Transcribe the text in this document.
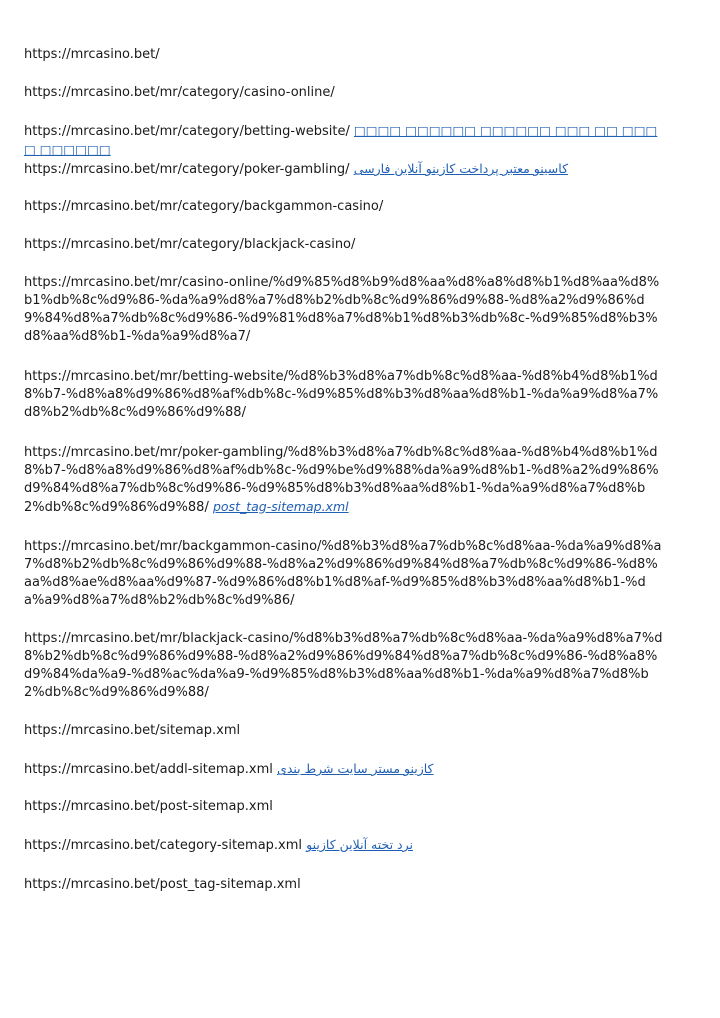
https://mrcasino.bet/
https://mrcasino.bet/mr/category/casino-online/
https://mrcasino.bet/mr/category/betting-website/ □□□□ □□□□□□ □□□□□□ □□□ □□ □□□□ □□□□□□
https://mrcasino.bet/mr/category/poker-gambling/ کاسینو معتبر پرداخت کازینو آنلاین فارسی
https://mrcasino.bet/mr/category/backgammon-casino/
https://mrcasino.bet/mr/category/blackjack-casino/
https://mrcasino.bet/mr/casino-online/%d9%85%d8%b9%d8%aa%d8%a8%d8%b1%d8%aa%d8%b1%db%8c%d9%86-%da%a9%d8%a7%d8%b2%db%8c%d9%86%d9%88-%d8%a2%d9%86%d9%84%d8%a7%db%8c%d9%86-%d9%81%d8%a7%d8%b1%d8%b3%db%8c-%d9%85%d8%b3%d8%aa%d8%b1-%da%a9%d8%a7/
https://mrcasino.bet/mr/betting-website/%d8%b3%d8%a7%db%8c%d8%aa-%d8%b4%d8%b1%d8%b7-%d8%a8%d9%86%d8%af%db%8c-%d9%85%d8%b3%d8%aa%d8%b1-%da%a9%d8%a7%d8%b2%db%8c%d9%86%d9%88/
https://mrcasino.bet/mr/poker-gambling/%d8%b3%d8%a7%db%8c%d8%aa-%d8%b4%d8%b1%d8%b7-%d8%a8%d9%86%d8%af%db%8c-%d9%be%d9%88%da%a9%d8%b1-%d8%a2%d9%86%d9%84%d8%a7%db%8c%d9%86-%d9%85%d8%b3%d8%aa%d8%b1-%da%a9%d8%a7%d8%b2%db%8c%d9%86%d9%88/ post_tag-sitemap.xml
https://mrcasino.bet/mr/backgammon-casino/%d8%b3%d8%a7%db%8c%d8%aa-%da%a9%d8%a7%d8%b2%db%8c%d9%86%d9%88-%d8%a2%d9%86%d9%84%d8%a7%db%8c%d9%86-%d8%aa%d8%ae%d8%aa%d9%87-%d9%86%d8%b1%d8%af-%d9%85%d8%b3%d8%aa%d8%b1-%da%a9%d8%a7%d8%b2%db%8c%d9%86/
https://mrcasino.bet/mr/blackjack-casino/%d8%b3%d8%a7%db%8c%d8%aa-%da%a9%d8%a7%d8%b2%db%8c%d9%86%d9%88-%d8%a2%d9%86%d9%84%d8%a7%db%8c%d9%86-%d8%a8%d9%84%da%a9-%d8%ac%da%a9-%d9%85%d8%b3%d8%aa%d8%b1-%da%a9%d8%a7%d8%b2%db%8c%d9%86%d9%88/
https://mrcasino.bet/sitemap.xml
https://mrcasino.bet/addl-sitemap.xml کازینو مستر سایت شرط بندی
https://mrcasino.bet/post-sitemap.xml
https://mrcasino.bet/category-sitemap.xml نرد تخته آنلاین کازینو
https://mrcasino.bet/post_tag-sitemap.xml
